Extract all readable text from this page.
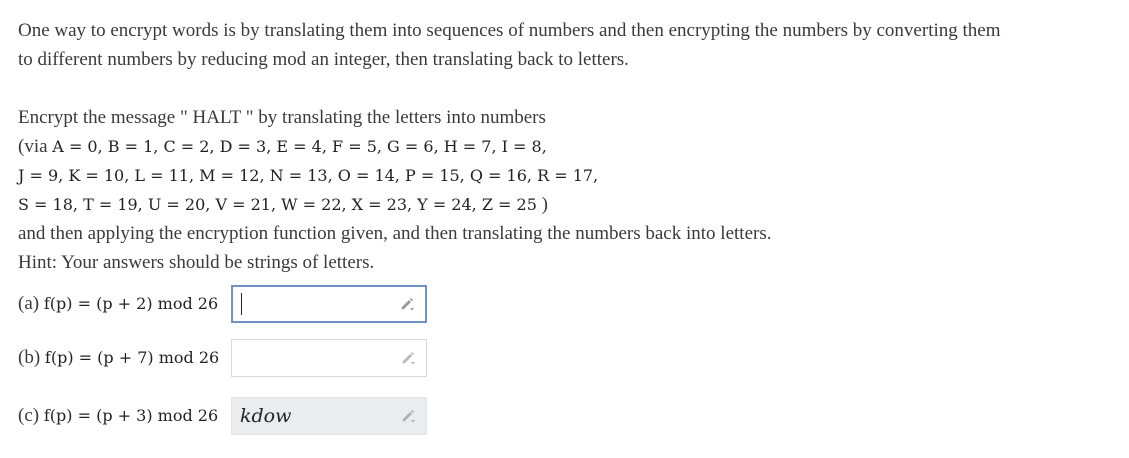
One way to encrypt words is by translating them into sequences of numbers and then encrypting the numbers by converting them
to different numbers by reducing mod an integer, then translating back to letters.

Encrypt the message " HALT " by translating the letters into numbers
(via A = 0, B = 1, C = 2, D = 3, E = 4, F = 5, G = 6, H = 7, I = 8,
J = 9, K = 10, L = 11, M = 12, N = 13, O = 14, P = 15, Q = 16, R = 17,
S = 18, T = 19, U = 20, V = 21, W = 22, X = 23, Y = 24, Z = 25 )
and then applying the encryption function given, and then translating the numbers back into letters.
Hint: Your answers should be strings of letters.

(a) f(p) = (p + 2) mod 26
(b) f(p) = (p + 7) mod 26
(c) f(p) = (p + 3) mod 26	kdow
